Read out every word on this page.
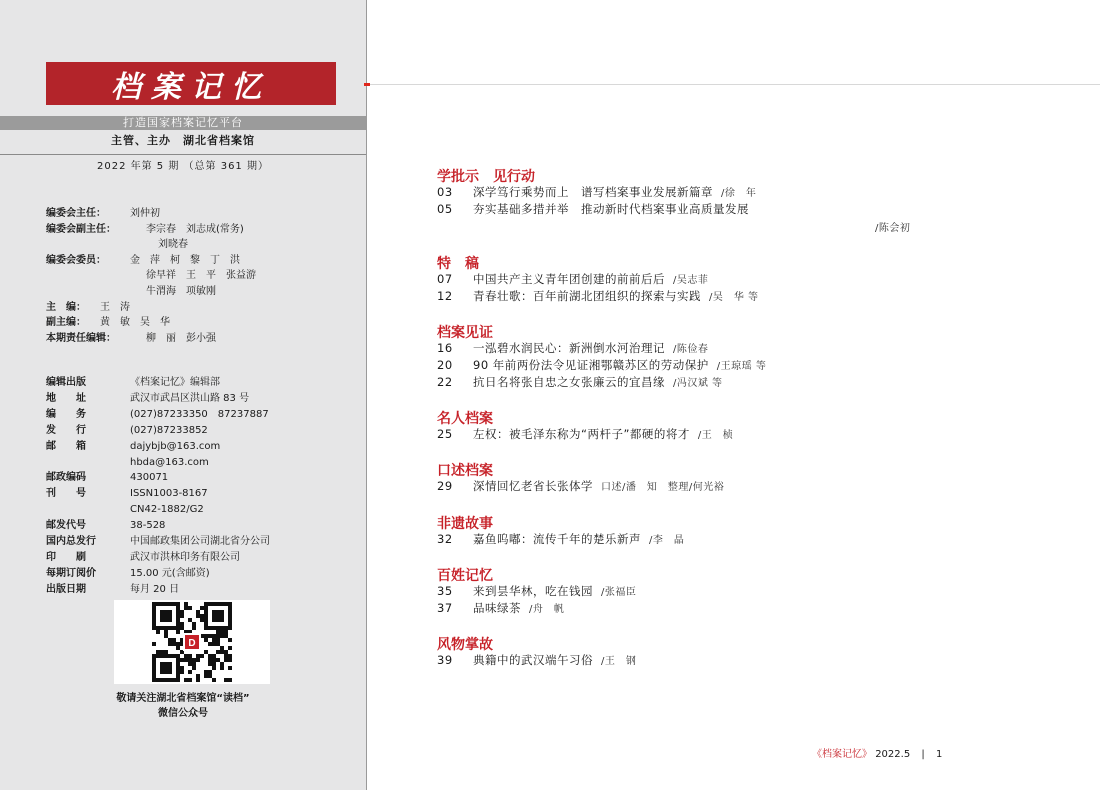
档案记忆
打造国家档案记忆平台
主管、主办　湖北省档案馆
2022 年第 5 期 （总第 361 期）
编委会主任： 刘仲初
编委会副主任：	李宗春　刘志成(常务)
刘晓春
编委会委员： 金　萍　柯　黎　丁　洪
徐早祥　王　平　张益游
牛渭海　项敏刚
主　编： 王　涛
副主编： 黄　敏　吴　华
本期责任编辑：	柳　丽　彭小强
编辑出版	《档案记忆》编辑部
地　　址	武汉市武昌区洪山路 83 号
编　　务	(027)87233350　87237887
发　　行	(027)87233852
邮　　箱	dajybjb@163.com
hbda@163.com
邮政编码	430071
刊　　号	ISSN1003-8167
CN42-1882/G2
邮发代号	38-528
国内总发行	中国邮政集团公司湖北省分公司
印　　刷	武汉市洪林印务有限公司
每期订阅价	15.00 元(含邮资)
出版日期	每月 20 日
D
敬请关注湖北省档案馆“读档”
微信公众号
学批示　见行动
03 深学笃行乘势而上　谱写档案事业发展新篇章 /徐　年
05 夯实基础多措并举　推动新时代档案事业高质量发展
/陈会初
特　稿
07 中国共产主义青年团创建的前前后后 /吴志菲
12 青春壮歌：百年前湖北团组织的探索与实践 /吴　华 等
档案见证
16 一泓碧水润民心：新洲倒水河治理记 /陈俭春
20 90 年前两份法令见证湘鄂赣苏区的劳动保护 /王琼瑶 等
22 抗日名将张自忠之女张廉云的宜昌缘 /冯汉斌 等
名人档案
25 左权：被毛泽东称为“两杆子”都硬的将才 /王　桢
口述档案
29 深情回忆老省长张体学 口述/潘　知　整理/何光裕
非遗故事
32 嘉鱼呜嘟：流传千年的楚乐新声 /李　晶
百姓记忆
35 来到昙华林，吃在钱园 /张福臣
37 品味绿茶 /舟　帆
风物掌故
39 典籍中的武汉端午习俗 /王　钢
《档案记忆》 2022.5 | 1
